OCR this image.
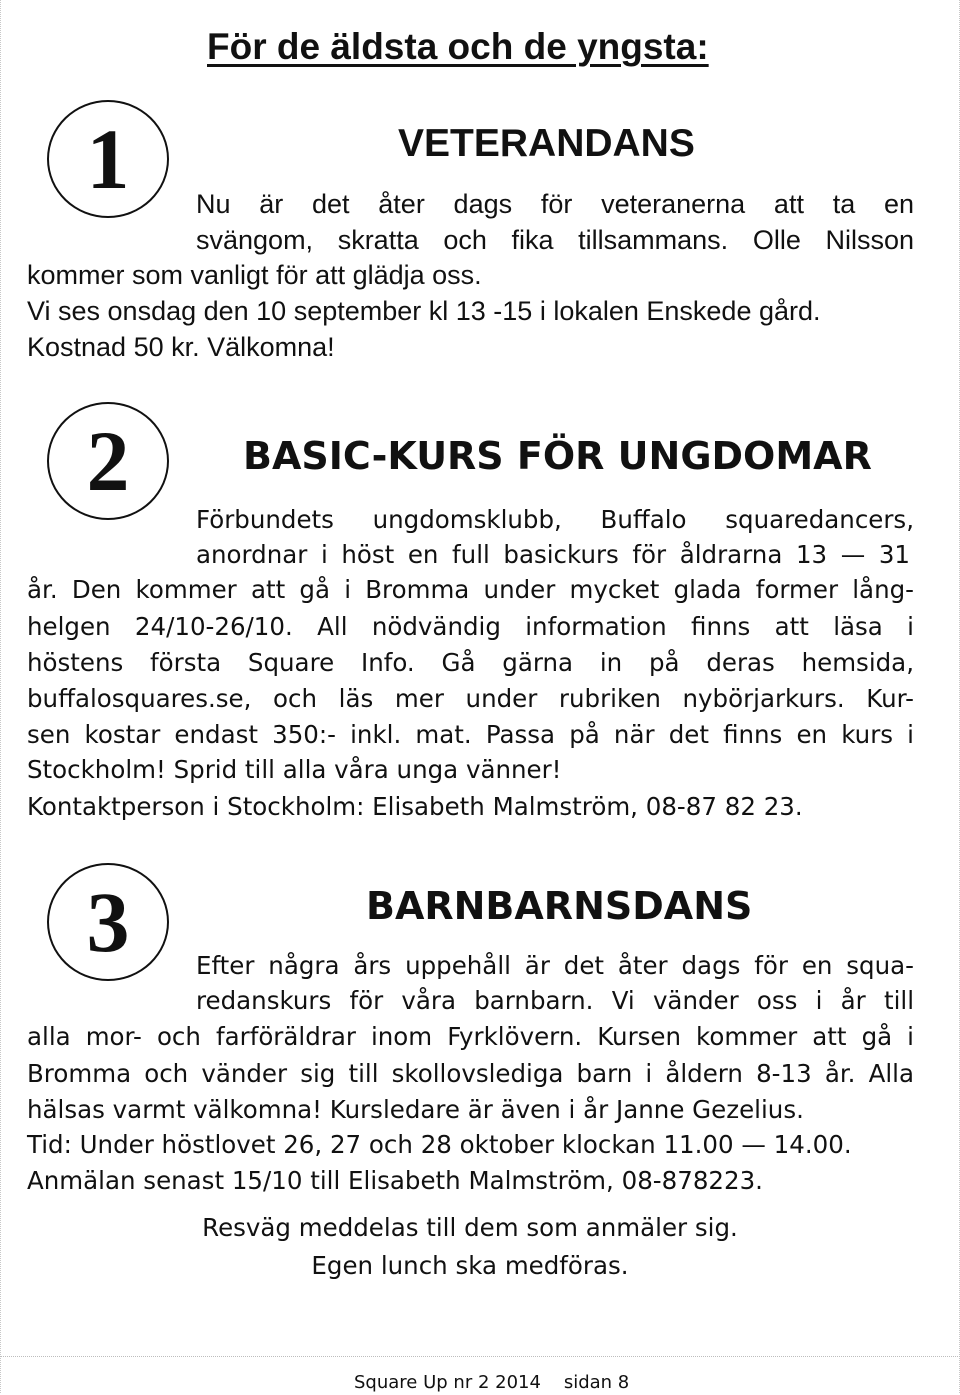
För de äldsta och de yngsta:
1	VETERANDANS

Nu är det åter dags för veteranerna att ta en

svängom, skratta och fika tillsammans. Olle Nilsson

kommer som vanligt för att glädja oss.

Vi ses onsdag den 10 september kl 13 -15 i lokalen Enskede gård.

Kostnad 50 kr. Välkomna!

2	BASIC-KURS FÖR UNGDOMAR

Förbundets ungdomsklubb, Buffalo squaredancers,

anordnar i höst en full basickurs för åldrarna 13 — 31

år. Den kommer att gå i Bromma under mycket glada former lång-

helgen 24/10-26/10. All nödvändig information finns att läsa i

höstens första Square Info. Gå gärna in på deras hemsida,

buffalosquares.se, och läs mer under rubriken nybörjarkurs. Kur-

sen kostar endast 350:- inkl. mat. Passa på när det finns en kurs i

Stockholm! Sprid till alla våra unga vänner!

Kontaktperson i Stockholm: Elisabeth Malmström, 08-87 82 23.

3	BARNBARNSDANS

Efter några års uppehåll är det åter dags för en squa-

redanskurs för våra barnbarn. Vi vänder oss i år till

alla mor- och farföräldrar inom Fyrklövern. Kursen kommer att gå i

Bromma och vänder sig till skollovslediga barn i åldern 8-13 år. Alla

hälsas varmt välkomna! Kursledare är även i år Janne Gezelius.

Tid: Under höstlovet 26, 27 och 28 oktober klockan 11.00 — 14.00.

Anmälan senast 15/10 till Elisabeth Malmström, 08-878223.

Resväg meddelas till dem som anmäler sig.

Egen lunch ska medföras.

Square Up nr 2 2014    sidan 8
